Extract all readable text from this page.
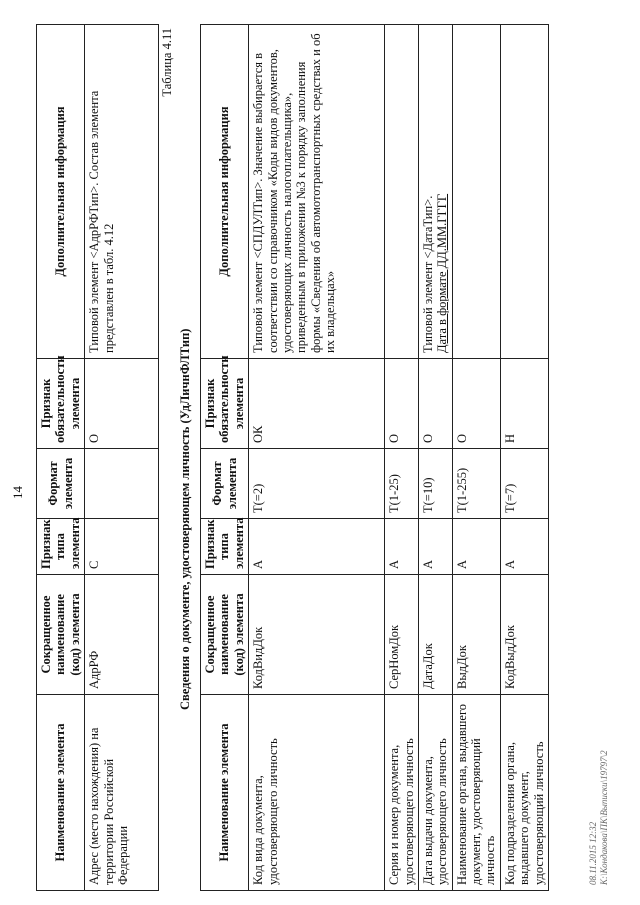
14
Наименование элемента	Сокращенное наименование (код) элемента	Признак типа элемента	Формат элемента	Признак обязательности элемента	Дополнительная информация
Адрес (место нахождения) на территории Российской Федерации	АдрРФ	С		О	Типовой элемент <АдрРФТип>. Состав элемента представлен в табл. 4.12
Таблица 4.11
Сведения о документе, удостоверяющем личность (УдЛичнФЛТип)
Наименование элемента	Сокращенное наименование (код) элемента	Признак типа элемента	Формат элемента	Признак обязательности элемента	Дополнительная информация
Код вида документа, удостоверяющего личность	КодВидДок	А	Т(=2)	ОК	Типовой элемент <СПДУЛТип>. Значение выбирается в соответствии со справочником «Коды видов документов, удостоверяющих личность налогоплательщика», приведенным в приложении №3 к порядку заполнения формы «Сведения об автомототранспортных средствах и об их владельцах»
Серия и номер документа, удостоверяющего личность	СерНомДок	А	Т(1-25)	О	
Дата выдачи документа, удостоверяющего личность	ДатаДок	А	Т(=10)	О	Типовой элемент <ДатаТип>.
Дата в формате ДД.ММ.ГГГГ
Наименование органа, выдавшего документ, удостоверяющий личность	ВыдДок	А	Т(1-255)	О	
Код подразделения органа, выдавшего документ, удостоверяющий личность	КодВыдДок	А	Т(=7)	Н	
08.11.2015 12:32 К:\Кондакова\ПК\Выписки\19797\2
